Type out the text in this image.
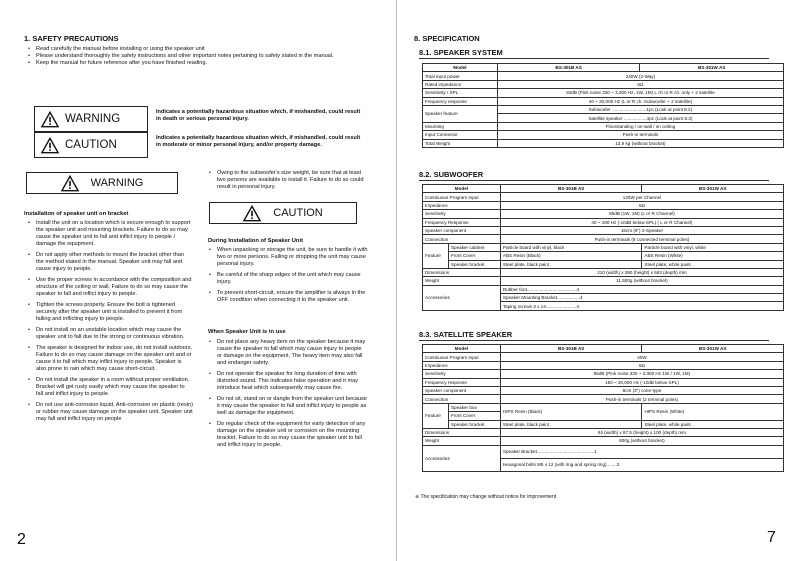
1. SAFETY PRECAUTIONS
• Read carefully the manual before installing or using the speaker unit
• Please understand thoroughly the safety instructions and other important notes pertaining to safety stated in the manual.
• Keep the manual for future reference after you have finished reading.
WARNING
Indicates a potentially hazardous situation which, if mishandled, could result in death or serious personal injury.
CAUTION
Indicates a potentially hazardous situation which, if mishandled, could result in moderate or minor personal injury, and/or property damage.
WARNING
Installation of speaker unit on bracket
• Install the unit on a location which is secure enough to support the speaker unit and mounting brackets. Failure to do so may cause the speaker unit to fall and inflict injury to people / damage the equipment.
• Do not apply other methods to mount the bracket other than the method stated in the manual. Speaker unit may fall and cause injury to people.
• Use the proper screws in accordance with the composition and structure of the ceiling or wall. Failure to do so may cause the speaker to fall and inflict injury to people.
• Tighten the screws properly. Ensure the bolt is tightened securely after the speaker unit is installed to prevent it from falling and inflicting injury to people.
• Do not install on an unstable location which may cause the speaker unit to fall due to the strong or continuous vibration.
• The speaker is designed for indoor use, do not install outdoors. Failure to do so may cause damage on the speaker unit and or cause it to fall which may inflict injury to people. Speaker is also prone to rain which may cause short-circuit.
• Do not install the speaker in a room without proper ventilation. Bracket will get rusty easily which may cause the speaker to fall and inflict injury to people.
• Do not use anti-corrosion liquid. Anti-corrosion on plastic (resin) or rubber may cause damage on the speaker unit. Speaker unit may fall and inflict injury on people
• Owing to the subwoofer's size weight, be sure that at least two persons are available to install it. Failure to do so could result in personal injury.
CAUTION
During Installation of Speaker Unit
• When unpacking or storage the unit, be sure to handle it with two or more persons. Falling or dropping the unit may cause personal injury.
• Be careful of the sharp edges of the unit which may cause injury.
• To prevent short-circuit, ensure the amplifier is always in the OFF condition when connecting it to the speaker unit.
When Speaker Unit is in use
• Do not place any heavy item on the speaker because it may cause the speaker to fall which may cause injury to people or damage on the equipment. The heavy item may also fall and endanger safety.
• Do not operate the speaker for long duration of time with distorted sound. This indicates false operation and it may introduce heat which subsequently may cause fire.
• Do not sit, stand on or dangle from the speaker unit because it may cause the speaker to fall and inflict injury to people as well as damage the equipment.
• Do regular check of the equipment for early detection of any damage on the speaker unit or corrosion on the mounting bracket. Failure to do so may cause the speaker unit to fall and inflict injury to people.
2
8. SPECIFICATION
8.1. SPEAKER SYSTEM
Model	BS-301B AS	BS-301W AS
Total input power	240W (2-Way)	
Rated impedance	8Ω	
Sensitivity / SPL	83dB (Pink noise 330 ~ 3,300 Hz, 1W, 1M) L ch or R ch. only + 2 satellite	
Frequency response	40 ~ 20,000 Hz (L or R ch. Subwoofer + 2 satellite)	
Speaker feature	Subwoofer ...........................1pc (Look at point 8.2)	
	Satellite speaker ..................4pc (Look at point 8.3)	
Mounting	Floorstanding / on-wall / on ceiling	
Input Connector	Push-in terminals	
Total Weight	13.9 kg (without bracket)	
8.2. SUBWOOFER
Model		BS-301B AS	BS-301W AS
Continuous Program Input		120W per Channel	
Impedance		6Ω	
Sensitivity		85dB (1W, 1M) (L or R Channel)	
Frequency Response		40 ~ 190 Hz (-10dB below SPL) ( L or R Channel)	
Speaker component		16cm (6") 2-Speaker	
Connection		Push-in terminals (8 connected terminal poles)	
Feature	Speaker cabinet	Particle board with vinyl, black	Particle board with vinyl, white
	Front Cover	ABS Resin (Black)	ABS Resin (White)
	Speaker bracket	Steel plate, black paint	Steel plate, white paint
Dimensions		210 (width) x 390 (height) x 563 (depth) mm	
Weight		11,500g (without bracket)	
Accessories		Rubber foot.......................................4	
		Speaker Mounting Bracket..................4	
		Taping screws 3 x 14........................4	
8.3. SATELLITE SPEAKER
Model		BS-301B AS	BS-301W AS
Continuous Program Input		40W	
Impedance		8Ω	
Sensitivity		85dB (Pink noise 330 ~ 3,300 Hz 1W / 1W, 1M)	
Frequency response		150 ~ 20,000 Hz (-10dB below SPL)	
Speaker component		8cm (3") cone-type	
Connection		Push-in terminals (2 terminal poles)	
Feature	Speaker box	HIPS Resin (Black)	HIPS Resin (White)
	Front Cover		
	Speaker bracket	Steel plate, black paint	Steel plate, white paint
Dimensions		92 (width) x 97.5 (height) x 100 (depth) mm	
Weight		600g (without bracket)	
Accessories		Speaker Bracket.............................................1	
		Hexagonal bolts M5 x 12 (with ring and spring ring)........2	
※ The specification may change without notice for improvement
7
